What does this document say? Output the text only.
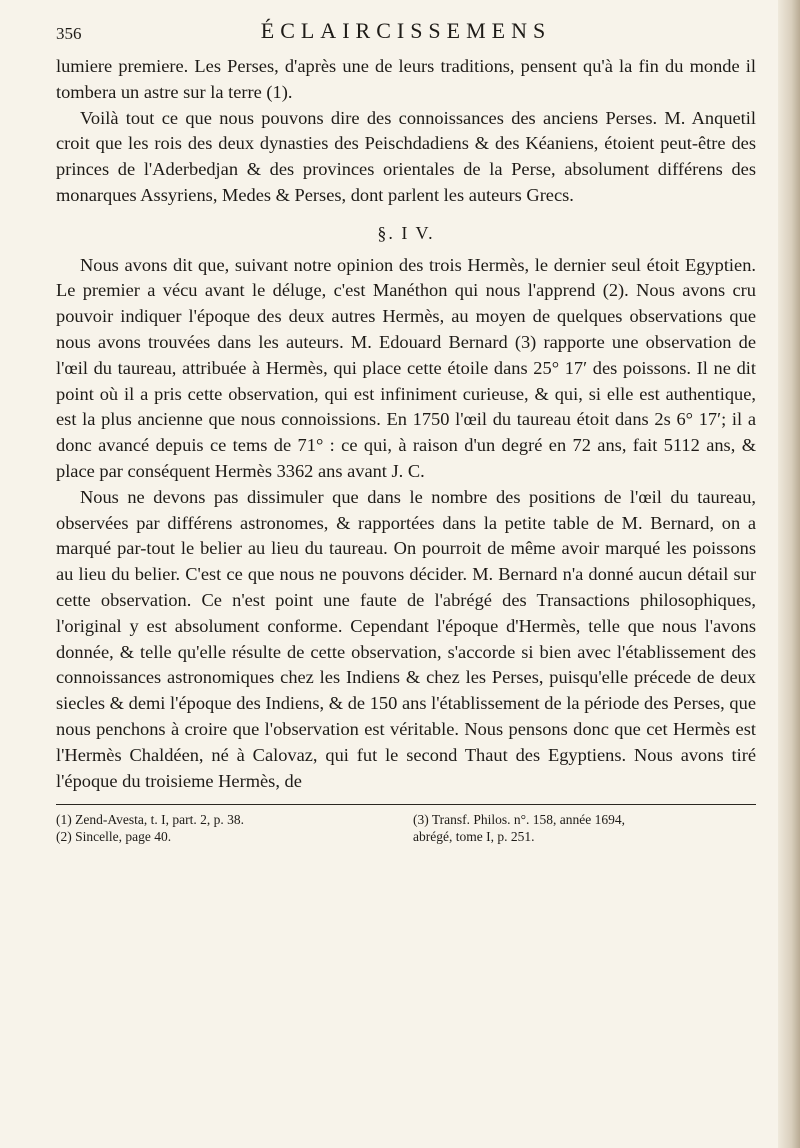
356	ÉCLAIRCISSEMENS

lumiere premiere. Les Perses, d'après une de leurs traditions, pensent qu'à la fin du monde il tombera un astre sur la terre (1).

Voilà tout ce que nous pouvons dire des connoissances des anciens Perses. M. Anquetil croit que les rois des deux dynasties des Peischdadiens & des Kéaniens, étoient peut-être des princes de l'Aderbedjan & des provinces orientales de la Perse, absolument différens des monarques Assyriens, Medes & Perses, dont parlent les auteurs Grecs.

§. I V.

Nous avons dit que, suivant notre opinion des trois Hermès, le dernier seul étoit Egyptien. Le premier a vécu avant le déluge, c'est Manéthon qui nous l'apprend (2). Nous avons cru pouvoir indiquer l'époque des deux autres Hermès, au moyen de quelques observations que nous avons trouvées dans les auteurs. M. Edouard Bernard (3) rapporte une observation de l'œil du taureau, attribuée à Hermès, qui place cette étoile dans 25° 17′ des poissons. Il ne dit point où il a pris cette observation, qui est infiniment curieuse, & qui, si elle est authentique, est la plus ancienne que nous connoissions. En 1750 l'œil du taureau étoit dans 2s 6° 17′; il a donc avancé depuis ce tems de 71° : ce qui, à raison d'un degré en 72 ans, fait 5112 ans, & place par conséquent Hermès 3362 ans avant J. C.

Nous ne devons pas dissimuler que dans le nombre des positions de l'œil du taureau, observées par différens astronomes, & rapportées dans la petite table de M. Bernard, on a marqué par-tout le belier au lieu du taureau. On pourroit de même avoir marqué les poissons au lieu du belier. C'est ce que nous ne pouvons décider. M. Bernard n'a donné aucun détail sur cette observation. Ce n'est point une faute de l'abrégé des Transactions philosophiques, l'original y est absolument conforme. Cependant l'époque d'Hermès, telle que nous l'avons donnée, & telle qu'elle résulte de cette observation, s'accorde si bien avec l'établissement des connoissances astronomiques chez les Indiens & chez les Perses, puisqu'elle précede de deux siecles & demi l'époque des Indiens, & de 150 ans l'établissement de la période des Perses, que nous penchons à croire que l'observation est véritable. Nous pensons donc que cet Hermès est l'Hermès Chaldéen, né à Calovaz, qui fut le second Thaut des Egyptiens. Nous avons tiré l'époque du troisieme Hermès, de

(1) Zend-Avesta, t. I, part. 2, p. 38.
(2) Sincelle, page 40.
(3) Transf. Philos. n°. 158, année 1694,
abrégé, tome I, p. 251.
